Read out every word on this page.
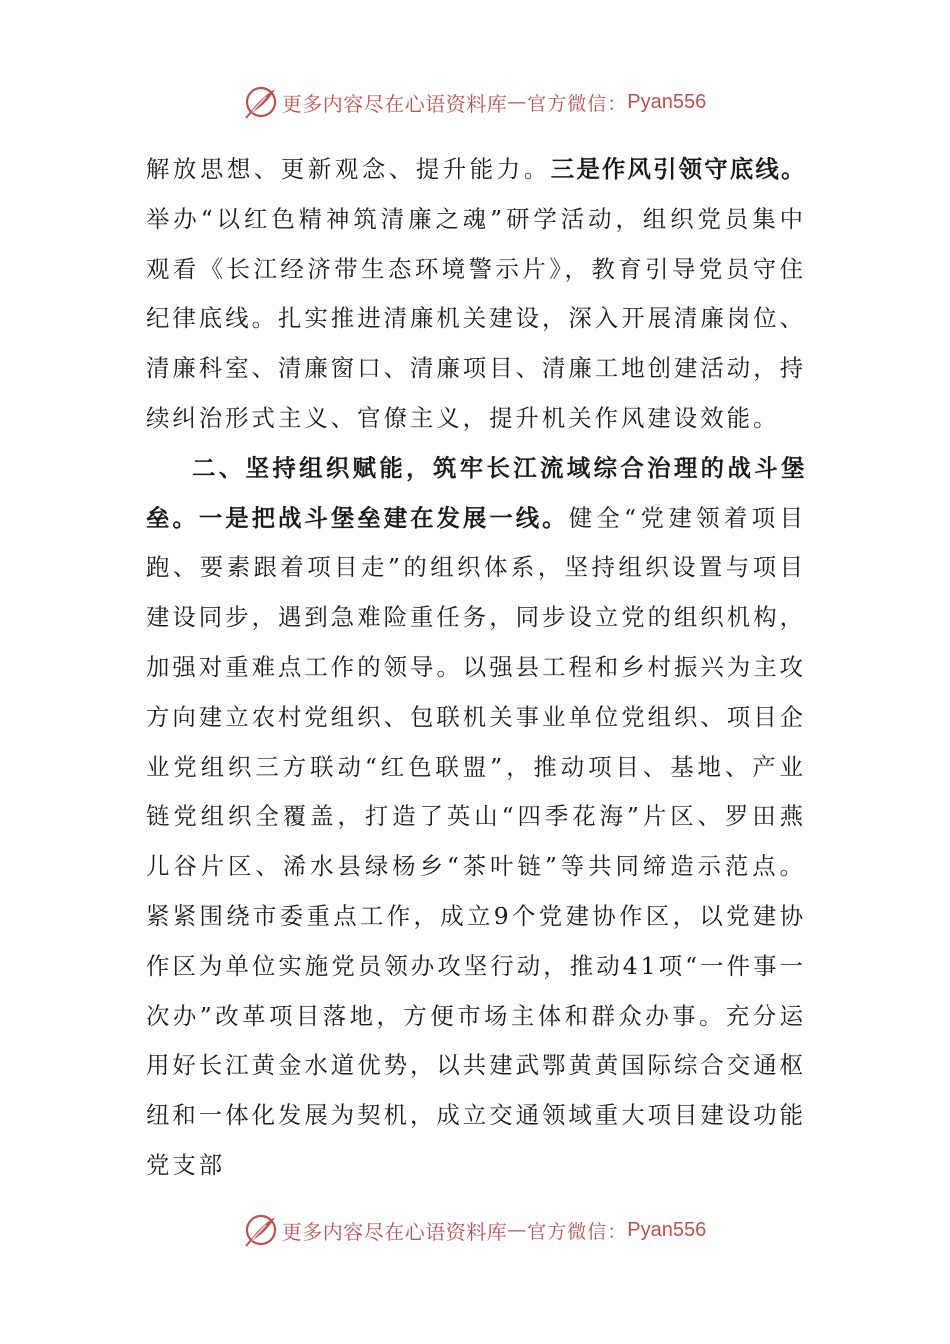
更多内容尽在心语资料库 — 官方微信： Pyan556

解放思想、更新观念、提升能力。三是作风引领守底线。举办“以红色精神筑清廉之魂”研学活动，组织党员集中观看《长江经济带生态环境警示片》，教育引导党员守住纪律底线。扎实推进清廉机关建设，深入开展清廉岗位、清廉科室、清廉窗口、清廉项目、清廉工地创建活动，持续纠治形式主义、官僚主义，提升机关作风建设效能。

二、坚持组织赋能，筑牢长江流域综合治理的战斗堡垒。一是把战斗堡垒建在发展一线。健全“党建领着项目跑、要素跟着项目走”的组织体系，坚持组织设置与项目建设同步，遇到急难险重任务，同步设立党的组织机构，加强对重难点工作的领导。以强县工程和乡村振兴为主攻方向建立农村党组织、包联机关事业单位党组织、项目企业党组织三方联动“红色联盟”，推动项目、基地、产业链党组织全覆盖，打造了英山“四季花海”片区、罗田燕儿谷片区、浠水县绿杨乡“茶叶链”等共同缔造示范点。紧紧围绕市委重点工作，成立9个党建协作区，以党建协作区为单位实施党员领办攻坚行动，推动41项“一件事一次办”改革项目落地，方便市场主体和群众办事。充分运用好长江黄金水道优势，以共建武鄂黄黄国际综合交通枢纽和一体化发展为契机，成立交通领域重大项目建设功能党支部

更多内容尽在心语资料库 — 官方微信： Pyan556
